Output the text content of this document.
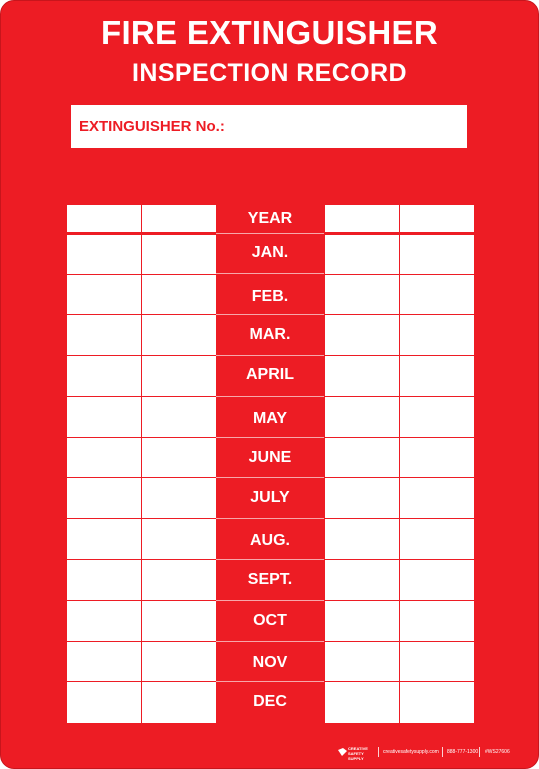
FIRE EXTINGUISHER
INSPECTION RECORD
EXTINGUISHER No.:
YEAR
JAN.
FEB.
MAR.
APRIL
MAY
JUNE
JULY
AUG.
SEPT.
OCT
NOV
DEC
CREATIVE SAFETY SUPPLY
creativesafetysupply.com 888-777-1300 #WS27606
